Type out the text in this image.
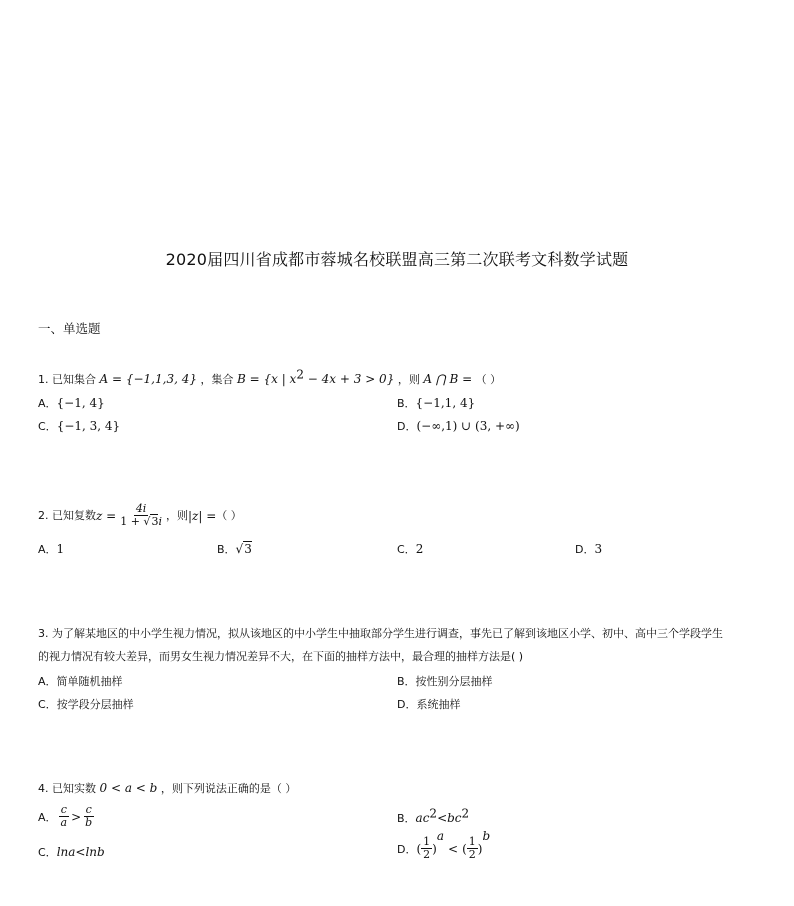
2020届四川省成都市蓉城名校联盟高三第二次联考文科数学试题
一、单选题
1. 已知集合 A = {−1,1,3, 4} ，集合 B = {x | $x^2 - 4x + 3 > 0$} ，则 A ⋂ B = （ ）
A．{−1, 4}	B．{−1,1, 4}
C．{−1, 3, 4}	D．(−∞,1) ∪ (3, +∞)
2. 已知复数 $z = \frac{4i}{1 + √3i}$ ，则 |z| = （ ）
A．1	B．√3	C．2	D．3
3. 为了解某地区的中小学生视力情况，拟从该地区的中小学生中抽取部分学生进行调查，事先已了解到该地区小学、初中、高中三个学段学生
的视力情况有较大差异，而男女生视力情况差异不大，在下面的抽样方法中，最合理的抽样方法是( )
A．简单随机抽样	B．按性别分层抽样
C．按学段分层抽样	D．系统抽样
4. 已知实数 0 < a < b ，则下列说法正确的是（ ）
A． $\frac{c}{a} > \frac{c}{b}$	B．$ac^2<bc^2$
C．lna<lnb	D． ( $\frac{1}{2}$ )
a
< ( $\frac{1}{2}$ )
b
